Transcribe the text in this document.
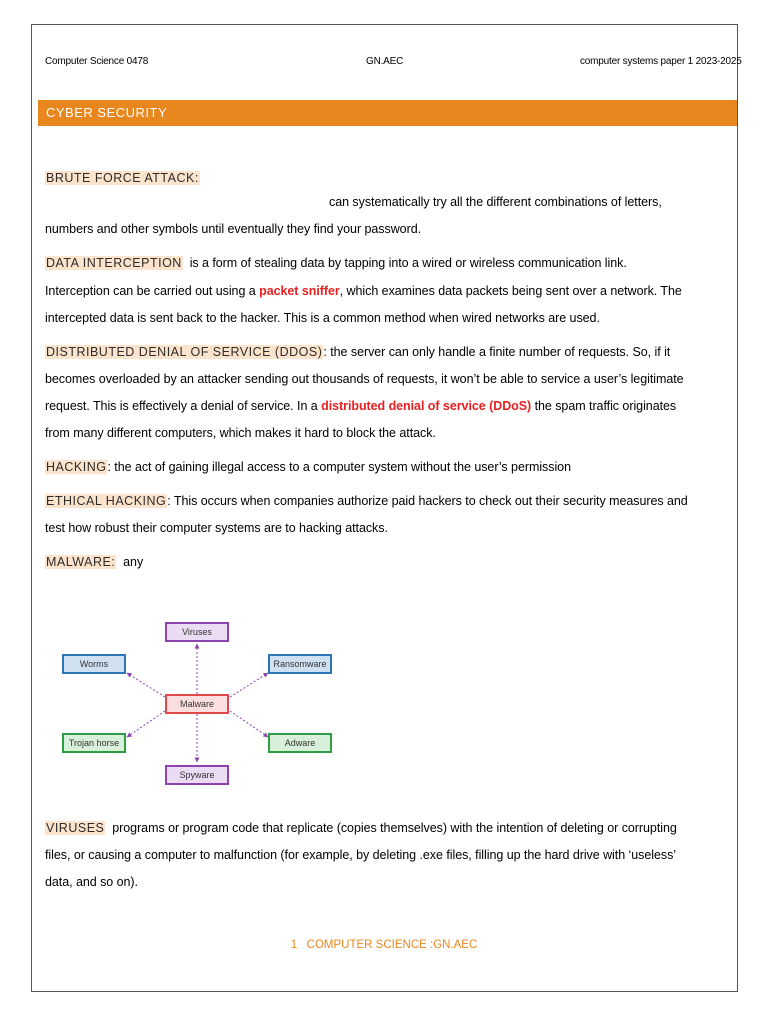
Computer Science 0478	GN.AEC	computer systems paper 1 2023-2025
CYBER SECURITY
BRUTE FORCE ATTACK:
can systematically try all the different combinations of letters,
numbers and other symbols until eventually they find your password.
DATA INTERCEPTION is a form of stealing data by tapping into a wired or wireless communication link.
Interception can be carried out using a packet sniffer, which examines data packets being sent over a network. The
intercepted data is sent back to the hacker. This is a common method when wired networks are used.
DISTRIBUTED DENIAL OF SERVICE (DDOS): the server can only handle a finite number of requests. So, if it
becomes overloaded by an attacker sending out thousands of requests, it won’t be able to service a user’s legitimate
request. This is effectively a denial of service. In a distributed denial of service (DDoS) the spam traffic originates
from many different computers, which makes it hard to block the attack.
HACKING: the act of gaining illegal access to a computer system without the user’s permission
ETHICAL HACKING: This occurs when companies authorize paid hackers to check out their security measures and
test how robust their computer systems are to hacking attacks.
MALWARE: any
Viruses
Worms	Ransomware
Malware
Trojan horse	Adware
Spyware
VIRUSES programs or program code that replicate (copies themselves) with the intention of deleting or corrupting
files, or causing a computer to malfunction (for example, by deleting .exe files, filling up the hard drive with ‘useless’
data, and so on).
1   COMPUTER SCIENCE :GN.AEC
